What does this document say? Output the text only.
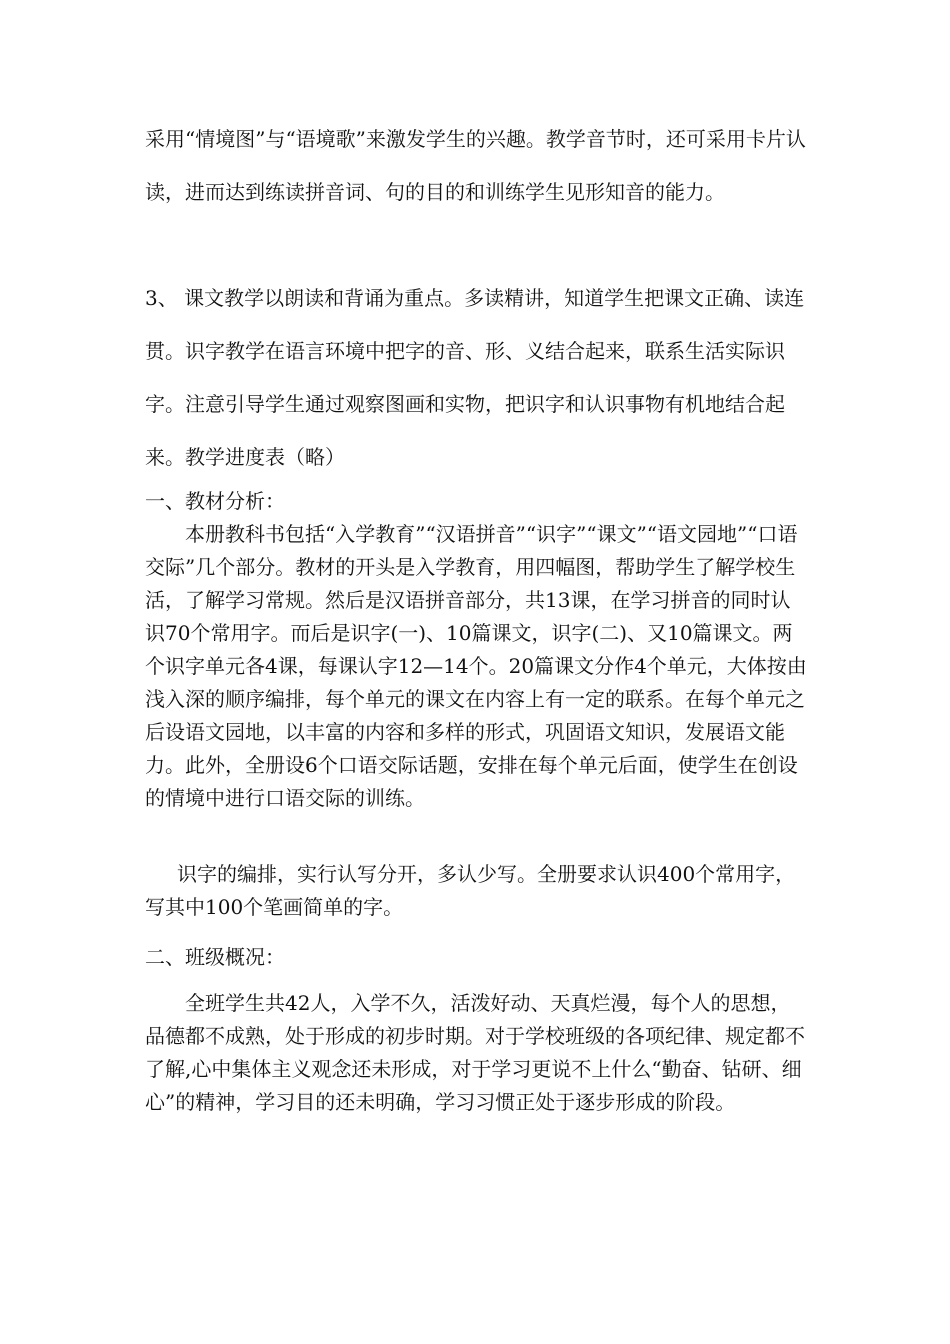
采用“情境图”与“语境歌”来激发学生的兴趣。教学音节时，还可采用卡片认读，进而达到练读拼音词、句的目的和训练学生见形知音的能力。

3、 课文教学以朗读和背诵为重点。多读精讲，知道学生把课文正确、读连贯。识字教学在语言环境中把字的音、形、义结合起来，联系生活实际识字。注意引导学生通过观察图画和实物，把识字和认识事物有机地结合起来。教学进度表（略）

一、教材分析：

本册教科书包括“入学教育”“汉语拼音”“识字”“课文”“语文园地”“口语交际”几个部分。教材的开头是入学教育，用四幅图，帮助学生了解学校生活，了解学习常规。然后是汉语拼音部分，共13课，在学习拼音的同时认识70个常用字。而后是识字(一)、10篇课文，识字(二)、又10篇课文。两个识字单元各4课，每课认字12—14个。20篇课文分作4个单元，大体按由浅入深的顺序编排，每个单元的课文在内容上有一定的联系。在每个单元之后设语文园地，以丰富的内容和多样的形式，巩固语文知识，发展语文能力。此外，全册设6个口语交际话题，安排在每个单元后面，使学生在创设的情境中进行口语交际的训练。

识字的编排，实行认写分开，多认少写。全册要求认识400个常用字，写其中100个笔画简单的字。

二、班级概况：

全班学生共42人，入学不久，活泼好动、天真烂漫，每个人的思想，品德都不成熟，处于形成的初步时期。对于学校班级的各项纪律、规定都不了解,心中集体主义观念还未形成，对于学习更说不上什么“勤奋、钻研、细心”的精神，学习目的还未明确，学习习惯正处于逐步形成的阶段。
